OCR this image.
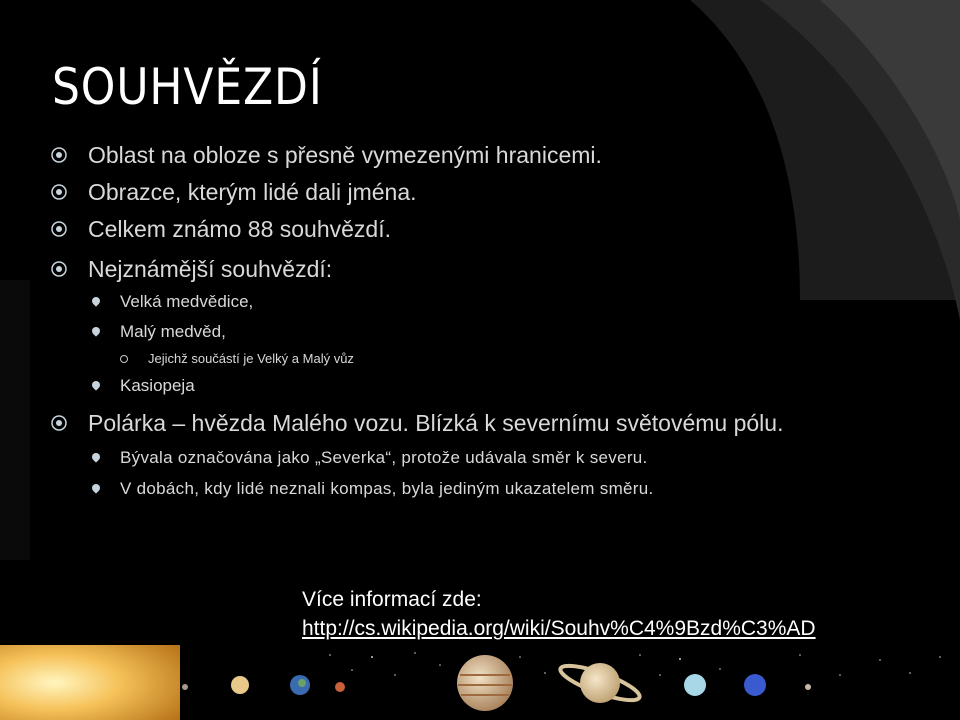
SOUHVĚZDÍ
Oblast na obloze s přesně vymezenými hranicemi.
Obrazce, kterým lidé dali jména.
Celkem známo 88 souhvězdí.
Nejznámější souhvězdí:
Velká medvědice,
Malý medvěd,
Jejichž součástí je Velký a Malý vůz
Kasiopeja
Polárka – hvězda Malého vozu. Blízká k severnímu světovému pólu.
Bývala označována jako „Severka“, protože udávala směr k severu.
V dobách, kdy lidé neznali kompas, byla jediným ukazatelem směru.
Více informací zde:
http://cs.wikipedia.org/wiki/Souhv%C4%9Bzd%C3%AD
